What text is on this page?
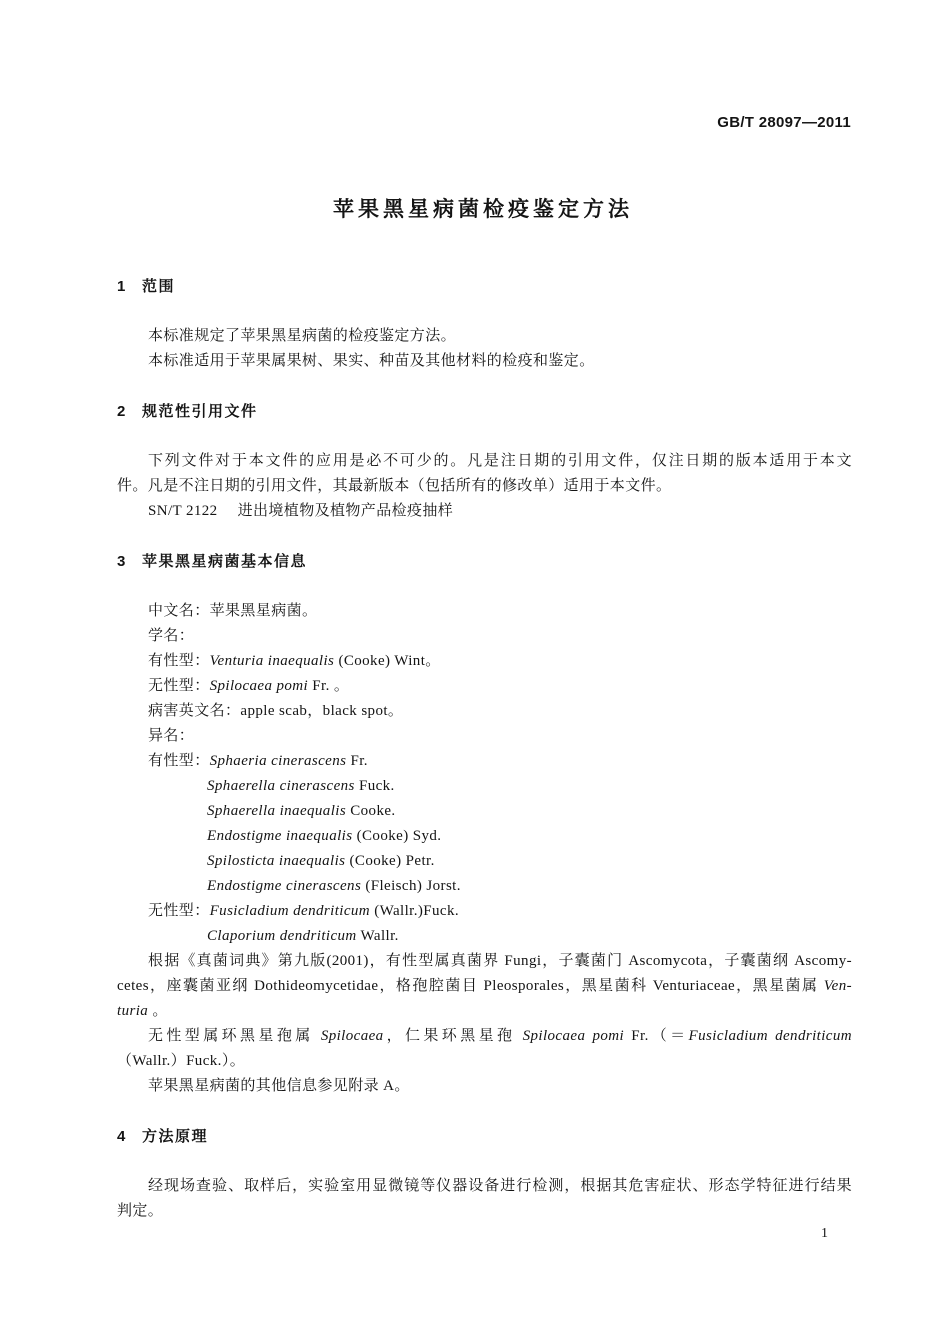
GB/T 28097—2011
苹果黑星病菌检疫鉴定方法
1 范围
本标准规定了苹果黑星病菌的检疫鉴定方法。
本标准适用于苹果属果树、果实、种苗及其他材料的检疫和鉴定。
2 规范性引用文件
下列文件对于本文件的应用是必不可少的。凡是注日期的引用文件，仅注日期的版本适用于本文
件。凡是不注日期的引用文件，其最新版本（包括所有的修改单）适用于本文件。
SN/T 2122 进出境植物及植物产品检疫抽样
3 苹果黑星病菌基本信息
中文名：苹果黑星病菌。
学名：
有性型：Venturia inaequalis (Cooke) Wint。
无性型：Spilocaea pomi Fr. 。
病害英文名：apple scab，black spot。
异名：
有性型：Sphaeria cinerascens Fr.
Sphaerella cinerascens Fuck.
Sphaerella inaequalis Cooke.
Endostigme inaequalis (Cooke) Syd.
Spilosticta inaequalis (Cooke) Petr.
Endostigme cinerascens (Fleisch) Jorst.
无性型：Fusicladium dendriticum (Wallr.)Fuck.
Claporium dendriticum Wallr.
根据《真菌词典》第九版(2001)，有性型属真菌界 Fungi，子囊菌门 Ascomycota，子囊菌纲 Ascomy-
cetes，座囊菌亚纲 Dothideomycetidae，格孢腔菌目 Pleosporales，黑星菌科 Venturiaceae，黑星菌属 Ven-
turia 。
无性型属环黑星孢属 Spilocaea，仁果环黑星孢 Spilocaea pomi Fr.（＝Fusicladium dendriticum
（Wallr.）Fuck.）。
苹果黑星病菌的其他信息参见附录 A。
4 方法原理
经现场查验、取样后，实验室用显微镜等仪器设备进行检测，根据其危害症状、形态学特征进行结果
判定。
1
